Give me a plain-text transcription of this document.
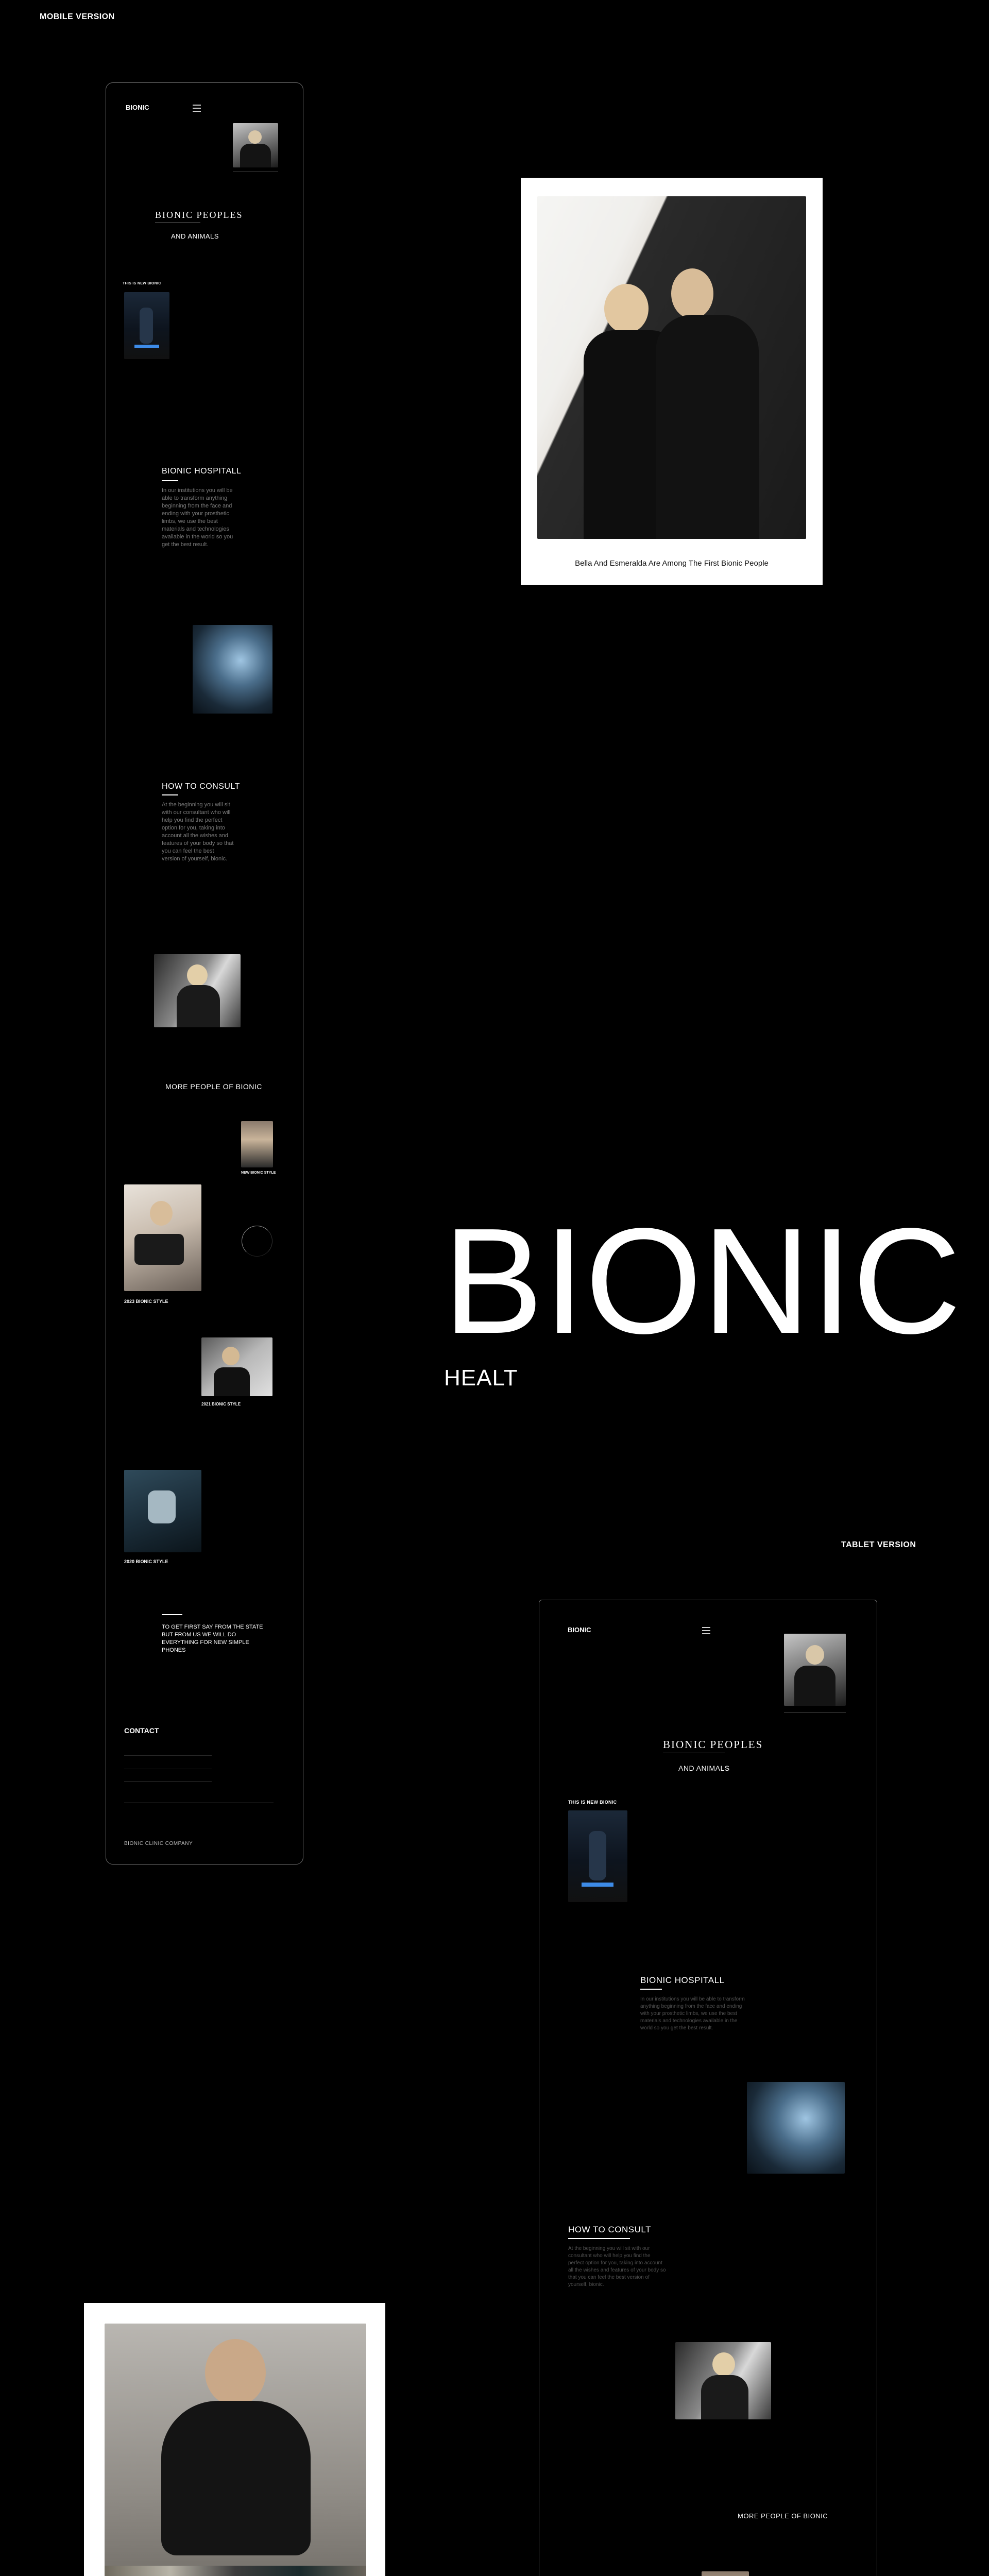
MOBILE VERSION
BIONIC
BIONIC PEOPLES
AND ANIMALS
THIS IS NEW BIONIC
BIONIC HOSPITALL
In our institutions you will be able to transform anything beginning from the face and ending with your prosthetic limbs, we use the best materials and technologies available in the world so you get the best result.
HOW TO CONSULT
At the beginning you will sit with our consultant who will help you find the perfect option for you, taking into account all the wishes and features of your body so that you can feel the best version of yourself, bionic.
MORE PEOPLE OF BIONIC
NEW BIONIC STYLE
2023 BIONIC STYLE
2021 BIONIC STYLE
2020 BIONIC STYLE
TO GET FIRST SAY FROM THE STATE BUT FROM US WE WILL DO EVERYTHING FOR NEW SIMPLE PHONES
CONTACT
BIONIC CLINIC COMPANY
Bella And Esmeralda Are Among The First Bionic People
BIONIC
HEALT
TABLET VERSION
BIONIC
BIONIC PEOPLES
AND ANIMALS
THIS IS NEW BIONIC
BIONIC HOSPITALL
In our institutions you will be able to transform anything beginning from the face and ending with your prosthetic limbs, we use the best materials and technologies available in the world so you get the best result.
HOW TO CONSULT
At the beginning you will sit with our consultant who will help you find the perfect option for you, taking into account all the wishes and features of your body so that you can feel the best version of yourself, bionic.
MORE PEOPLE OF BIONIC
